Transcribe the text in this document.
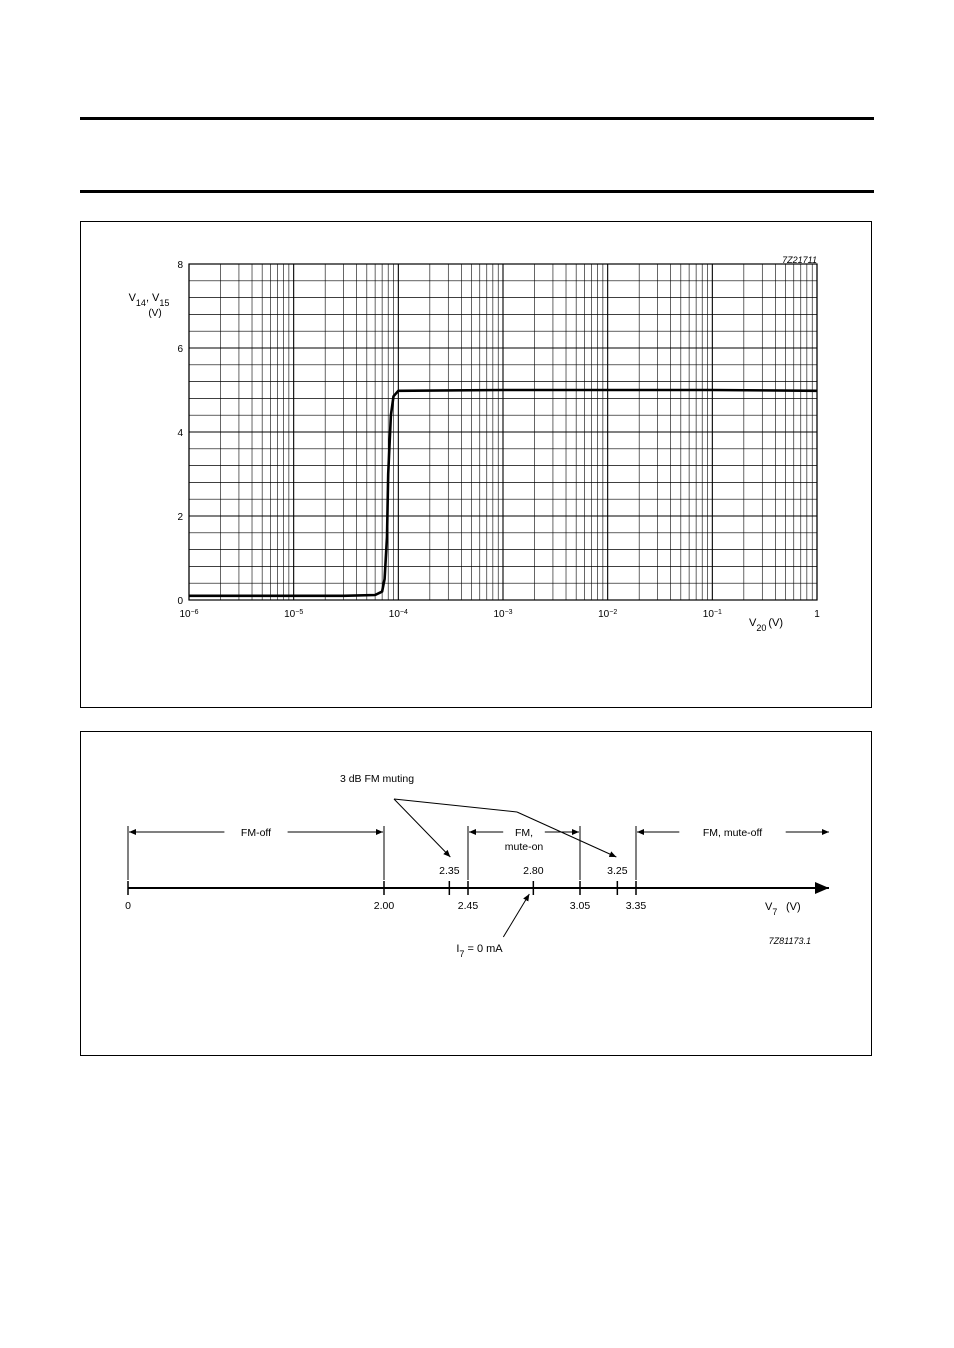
0
2
4
6
8
$10^{-6}$	$10^{-5}$	$10^{-4}$	$10^{-3}$	$10^{-2}$	$10^{-1}$	1
7Z21711
$V_{14}$, $V_{15}$
(V)
$V_{20}$ (V)
$V_7$ (V)
0	2.00	2.45	3.05	3.35
2.35	2.80	3.25
FM-off	FM,
mute-on
FM, mute-off
3 dB FM muting
$I_7 = 0$ mA
7Z81173.1
